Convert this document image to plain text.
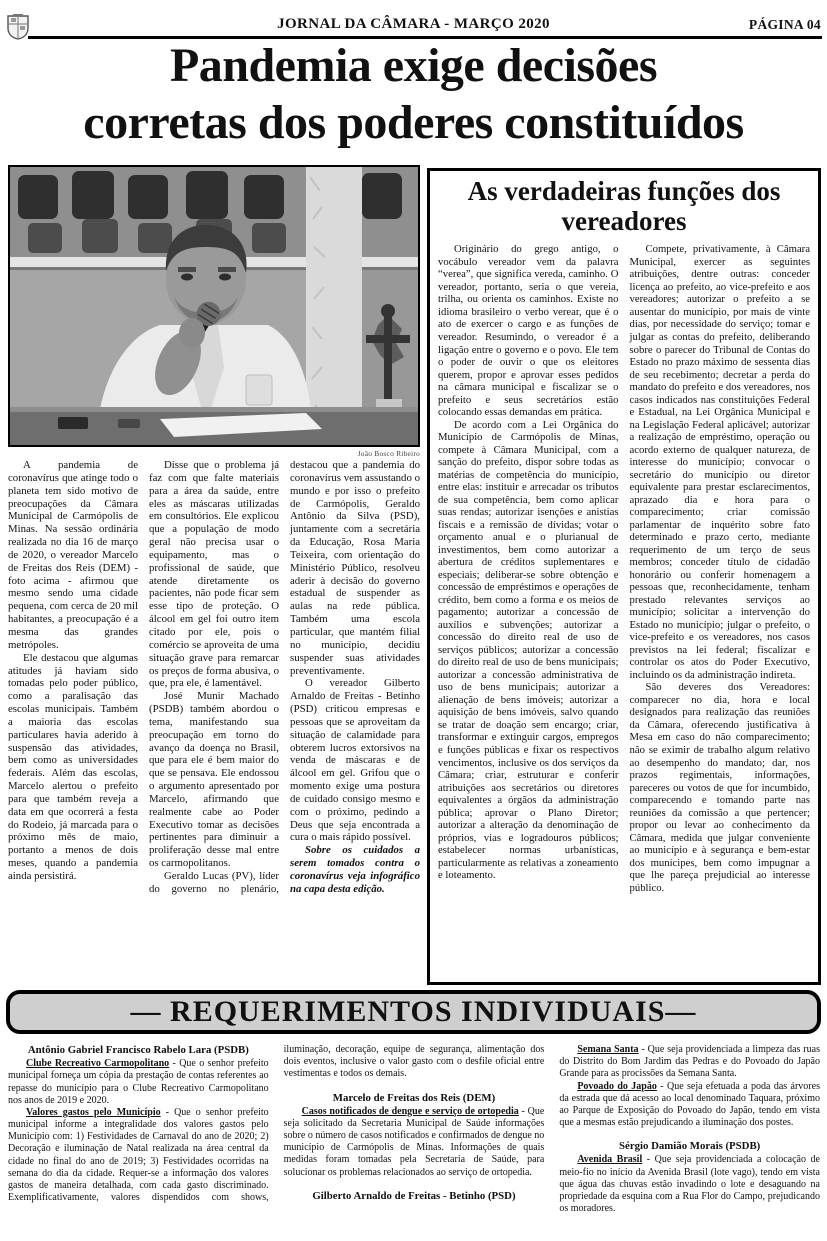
JORNAL DA CÂMARA - MARÇO 2020	PÁGINA 04
Pandemia exige decisões
corretas dos poderes constituídos
João Bosco Ribeiro

A pandemia de coronavírus que atinge todo o planeta tem sido motivo de preocupações da Câmara Municipal de Carmópolis de Minas. Na sessão ordinária realizada no dia 16 de março de 2020, o vereador Marcelo de Freitas dos Reis (DEM) - foto acima - afirmou que mesmo sendo uma cidade pequena, com cerca de 20 mil habitantes, a preocupação é a mesma das grandes metrópoles.

Ele destacou que algumas atitudes já haviam sido tomadas pelo poder público, como a paralisação das escolas municipais. Também a maioria das escolas particulares havia aderido à suspensão das atividades, bem como as universidades federais. Além das escolas, Marcelo alertou o prefeito para que também reveja a data em que ocorrerá a festa do Rodeio, já marcada para o próximo mês de maio, portanto a menos de dois meses, quando a pandemia ainda persistirá.

Disse que o problema já faz com que falte materiais para a área da saúde, entre eles as máscaras utilizadas em consultórios. Ele explicou que a população de modo geral não precisa usar o equipamento, mas o profissional de saúde, que atende diretamente os pacientes, não pode ficar sem esse tipo de proteção. O álcool em gel foi outro item citado por ele, pois o comércio se aproveita de uma situação grave para remarcar os preços de forma abusiva, o que, pra ele, é lamentável.

José Munir Machado (PSDB) também abordou o tema, manifestando sua preocupação em torno do avanço da doença no Brasil, que para ele é bem maior do que se pensava. Ele endossou o argumento apresentado por Marcelo, afirmando que realmente cabe ao Poder Executivo tomar as decisões pertinentes para diminuir a proliferação desse mal entre os carmopolitanos.

Geraldo Lucas (PV), líder do governo no plenário, destacou que a pandemia do coronavírus vem assustando o mundo e por isso o prefeito de Carmópolis, Geraldo Antônio da Silva (PSD), juntamente com a secretária da Educação, Rosa Maria Teixeira, com orientação do Ministério Público, resolveu aderir à decisão do governo estadual de suspender as aulas na rede pública. Também uma escola particular, que mantém filial no município, decidiu suspender suas atividades preventivamente.

O vereador Gilberto Arnaldo de Freitas - Betinho (PSD) criticou empresas e pessoas que se aproveitam da situação de calamidade para obterem lucros extorsivos na venda de máscaras e de álcool em gel. Grifou que o momento exige uma postura de cuidado consigo mesmo e com o próximo, pedindo a Deus que seja encontrada a cura o mais rápido possível.

Sobre os cuidados a serem tomados contra o coronavírus veja infográfico na capa desta edição.

As verdadeiras funções dos vereadores

Originário do grego antigo, o vocábulo vereador vem da palavra “verea”, que significa vereda, caminho. O vereador, portanto, seria o que vereia, trilha, ou orienta os caminhos. Existe no idioma brasileiro o verbo verear, que é o ato de exercer o cargo e as funções de vereador. Resumindo, o vereador é a ligação entre o governo e o povo. Ele tem o poder de ouvir o que os eleitores querem, propor e aprovar esses pedidos na câmara municipal e fiscalizar se o prefeito e seus secretários estão colocando essas demandas em prática.

De acordo com a Lei Orgânica do Município de Carmópolis de Minas, compete à Câmara Municipal, com a sanção do prefeito, dispor sobre todas as matérias de competência do município, entre elas: instituir e arrecadar os tributos de sua competência, bem como aplicar suas rendas; autorizar isenções e anistias fiscais e a remissão de dívidas; votar o orçamento anual e o plurianual de investimentos, bem como autorizar a abertura de créditos suplementares e especiais; deliberar-se sobre obtenção e concessão de empréstimos e operações de crédito, bem como a forma e os meios de pagamento; autorizar a concessão de auxílios e subvenções; autorizar a concessão do direito real de uso de serviços públicos; autorizar a concessão do direito real de uso de bens municipais; autorizar a concessão administrativa de uso de bens municipais; autorizar a alienação de bens imóveis; autorizar a aquisição de bens imóveis, salvo quando se tratar de doação sem encargo; criar, transformar e extinguir cargos, empregos e funções públicas e fixar os respectivos vencimentos, inclusive os dos serviços da Câmara; criar, estruturar e conferir atribuições aos secretários ou diretores equivalentes a órgãos da administração pública; aprovar o Plano Diretor; autorizar a alteração da denominação de próprios, vias e logradouros públicos; estabelecer normas urbanísticas, particularmente as relativas a zoneamento e loteamento.

Compete, privativamente, à Câmara Municipal, exercer as seguintes atribuições, dentre outras: conceder licença ao prefeito, ao vice-prefeito e aos vereadores; autorizar o prefeito a se ausentar do município, por mais de vinte dias, por necessidade do serviço; tomar e julgar as contas do prefeito, deliberando sobre o parecer do Tribunal de Contas do Estado no prazo máximo de sessenta dias de seu recebimento; decretar a perda do mandato do prefeito e dos vereadores, nos casos indicados nas constituições Federal e Estadual, na Lei Orgânica Municipal e na Legislação Federal aplicável; autorizar a realização de empréstimo, operação ou acordo externo de qualquer natureza, de interesse do município; convocar o secretário do município ou diretor equivalente para prestar esclarecimentos, aprazado dia e hora para o comparecimento; criar comissão parlamentar de inquérito sobre fato determinado e prazo certo, mediante requerimento de um terço de seus membros; conceder título de cidadão honorário ou conferir homenagem a pessoas que, reconhecidamente, tenham prestado relevantes serviços ao município; solicitar a intervenção do Estado no município; julgar o prefeito, o vice-prefeito e os vereadores, nos casos previstos na lei federal; fiscalizar e controlar os atos do Poder Executivo, incluindo os da administração indireta.

São deveres dos Vereadores: comparecer no dia, hora e local designados para realização das reuniões da Câmara, oferecendo justificativa à Mesa em caso do não comparecimento; não se eximir de trabalho algum relativo ao desempenho do mandato; dar, nos prazos regimentais, informações, pareceres ou votos de que for incumbido, comparecendo e tomando parte nas reuniões da comissão a que pertencer; propor ou levar ao conhecimento da Câmara, medida que julgar conveniente ao município e à segurança e bem-estar dos munícipes, bem como impugnar a que lhe pareça prejudicial ao interesse público.

— REQUERIMENTOS INDIVIDUAIS—
Antônio Gabriel Francisco Rabelo Lara (PSDB)

Clube Recreativo Carmopolitano - Que o senhor prefeito municipal forneça um cópia da prestação de contas referentes ao repasse do município para o Clube Recreativo Carmopolitano nos anos de 2019 e 2020.

Valores gastos pelo Município - Que o senhor prefeito municipal informe a integralidade dos valores gastos pelo Município com: 1) Festividades de Carnaval do ano de 2020; 2) Decoração e iluminação de Natal realizada na área central da cidade no final do ano de 2019; 3) Festividades ocorridas na semana do dia da cidade. Requer-se a informação dos valores gastos de maneira detalhada, com cada gasto discriminado. Exemplificativamente, valores dispendidos com shows, iluminação, decoração, equipe de segurança, alimentação dos dois eventos, inclusive o valor gasto com o desfile oficial entre vestimentas e todos os demais.

Marcelo de Freitas dos Reis (DEM)

Casos notificados de dengue e serviço de ortopedia - Que seja solicitado da Secretaria Municipal de Saúde informações sobre o número de casos notificados e confirmados de dengue no município de Carmópolis de Minas. Informações de quais medidas foram tomadas pela Secretaria de Saúde, para solucionar os problemas relacionados ao serviço de ortopedia.

Gilberto Arnaldo de Freitas - Betinho (PSD)

Semana Santa - Que seja providenciada a limpeza das ruas do Distrito do Bom Jardim das Pedras e do Povoado do Japão Grande para as procissões da Semana Santa.

Povoado do Japão - Que seja efetuada a poda das árvores da estrada que dá acesso ao local denominado Taquara, próximo ao Parque de Exposição do Povoado do Japão, tendo em vista que a mesmas estão prejudicando a iluminação dos postes.

Sérgio Damião Morais (PSDB)

Avenida Brasil - Que seja providenciada a colocação de meio-fio no início da Avenida Brasil (lote vago), tendo em vista que água das chuvas estão invadindo o lote e desaguando na propriedade da esquina com a Rua Flor do Campo, prejudicando os moradores.
